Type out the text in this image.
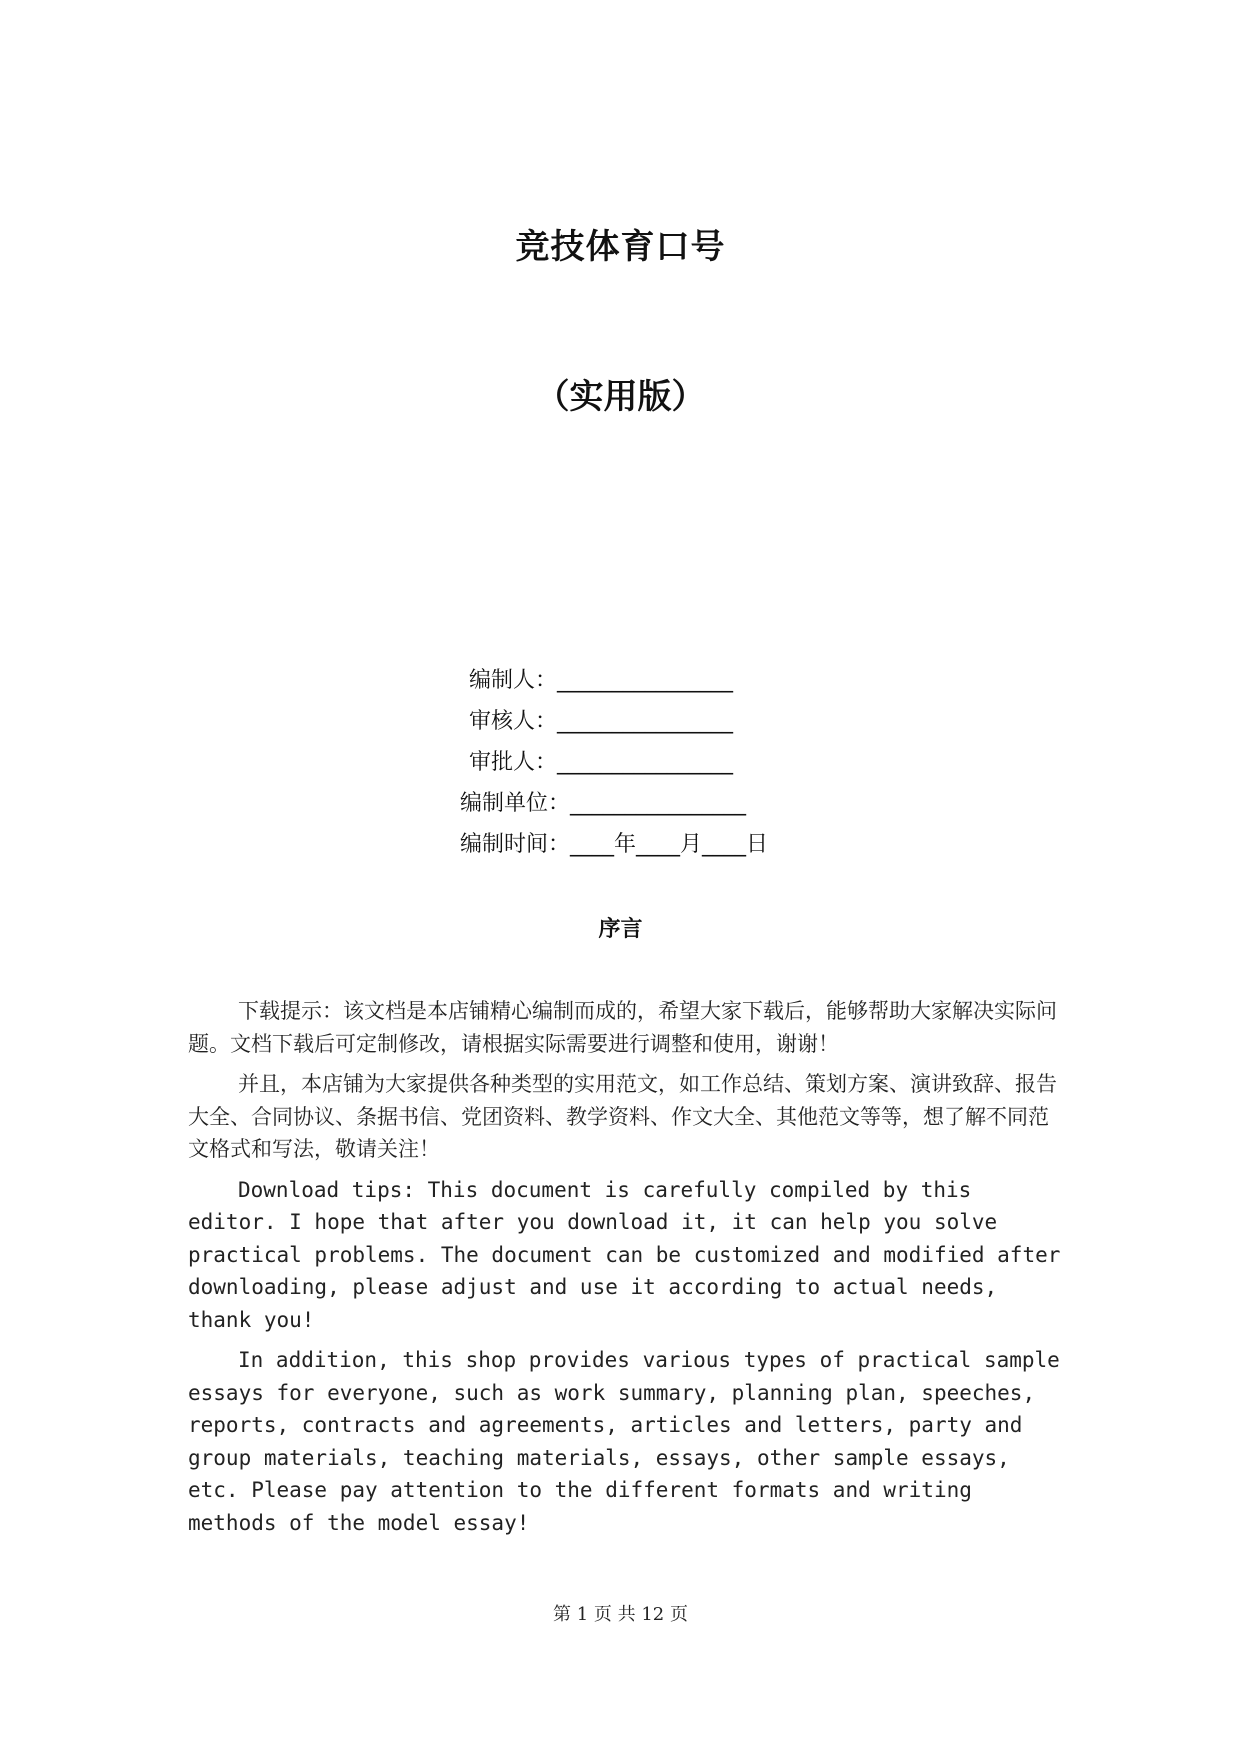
竞技体育口号
（实用版）
编制人： ________________
审核人： ________________
审批人： ________________
编制单位： ________________
编制时间： ____年____月____日
序言

下载提示：该文档是本店铺精心编制而成的，希望大家下载后，能够帮助大家解决实际问题。文档下载后可定制修改，请根据实际需要进行调整和使用，谢谢！

并且，本店铺为大家提供各种类型的实用范文，如工作总结、策划方案、演讲致辞、报告大全、合同协议、条据书信、党团资料、教学资料、作文大全、其他范文等等，想了解不同范文格式和写法，敬请关注！

Download tips: This document is carefully compiled by this editor. I hope that after you download it, it can help you solve practical problems. The document can be customized and modified after downloading, please adjust and use it according to actual needs, thank you!

In addition, this shop provides various types of practical sample essays for everyone, such as work summary, planning plan, speeches, reports, contracts and agreements, articles and letters, party and group materials, teaching materials, essays, other sample essays, etc. Please pay attention to the different formats and writing methods of the model essay!

第 1 页 共 12 页
